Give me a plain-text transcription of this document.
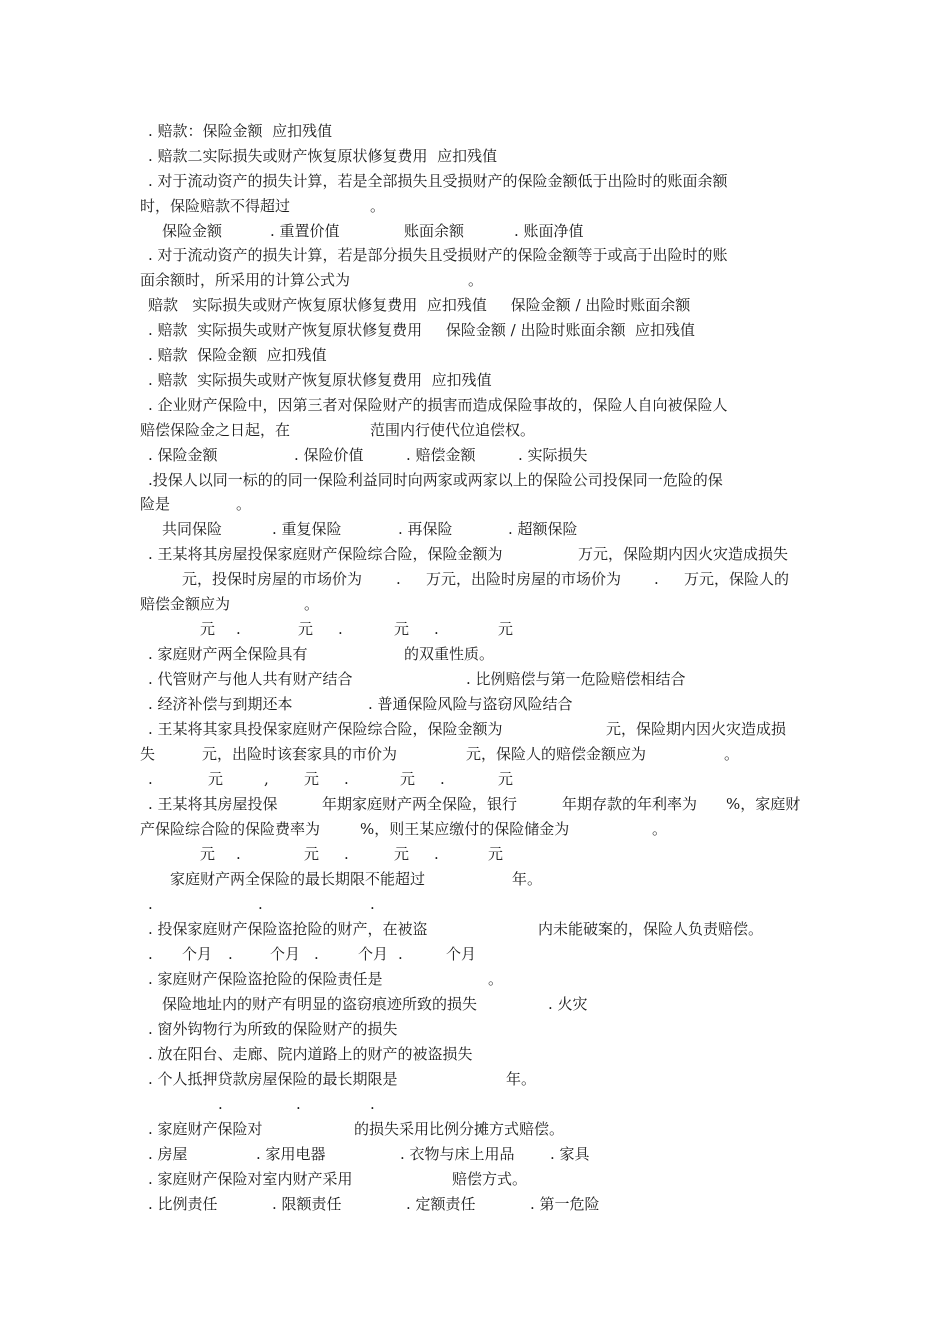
. 赔款：保险金额  应扣残值
. 赔款二实际损失或财产恢复原状修复费用  应扣残值
. 对于流动资产的损失计算，若是全部损失且受损财产的保险金额低于出险时的账面余额
时，保险赔款不得超过	。
保险金额	. 重置价值	账面余额	. 账面净值
. 对于流动资产的损失计算，若是部分损失且受损财产的保险金额等于或高于出险时的账
面余额时，所采用的计算公式为	。
赔款   实际损失或财产恢复原状修复费用  应扣残值     保险金额 / 出险时账面余额
. 赔款  实际损失或财产恢复原状修复费用     保险金额 / 出险时账面余额  应扣残值
. 赔款  保险金额  应扣残值
. 赔款  实际损失或财产恢复原状修复费用  应扣残值
. 企业财产保险中，因第三者对保险财产的损害而造成保险事故的，保险人自向被保险人
赔偿保险金之日起，在	范围内行使代位追偿权。
. 保险金额	. 保险价值	. 赔偿金额	. 实际损失
.投保人以同一标的的同一保险利益同时向两家或两家以上的保险公司投保同一危险的保
险是	。
共同保险	. 重复保险	. 再保险	. 超额保险
. 王某将其房屋投保家庭财产保险综合险，保险金额为	万元，保险期内因火灾造成损失
元，投保时房屋的市场价为 . 万元，出险时房屋的市场价为 . 万元，保险人的
赔偿金额应为	。
元 .	元 .	元 .	元
. 家庭财产两全保险具有	的双重性质。
. 代管财产与他人共有财产结合	. 比例赔偿与第一危险赔偿相结合
. 经济补偿与到期还本	. 普通保险风险与盗窃风险结合
. 王某将其家具投保家庭财产保险综合险，保险金额为	元，保险期内因火灾造成损
失	元，出险时该套家具的市价为	元，保险人的赔偿金额应为	。
.	元	, 元 .	元 .	元
. 王某将其房屋投保	年期家庭财产两全保险，银行	年期存款的年利率为 %，家庭财
产保险综合险的保险费率为	%，则王某应缴付的保险储金为	。
元 .	元 .	元 .	元
家庭财产两全保险的最长期限不能超过	年。
.	.	.
. 投保家庭财产保险盗抢险的财产，在被盗	内未能破案的，保险人负责赔偿。
. 个月 . 个月 .	个月 .	个月
. 家庭财产保险盗抢险的保险责任是	。
保险地址内的财产有明显的盗窃痕迹所致的损失	. 火灾
. 窗外钩物行为所致的保险财产的损失
. 放在阳台、走廊、院内道路上的财产的被盗损失
. 个人抵押贷款房屋保险的最长期限是	年。
.	.	.
. 家庭财产保险对	的损失采用比例分摊方式赔偿。
. 房屋	. 家用电器	. 衣物与床上用品 . 家具
. 家庭财产保险对室内财产采用	赔偿方式。
. 比例责任	. 限额责任	. 定额责任	. 第一危险
